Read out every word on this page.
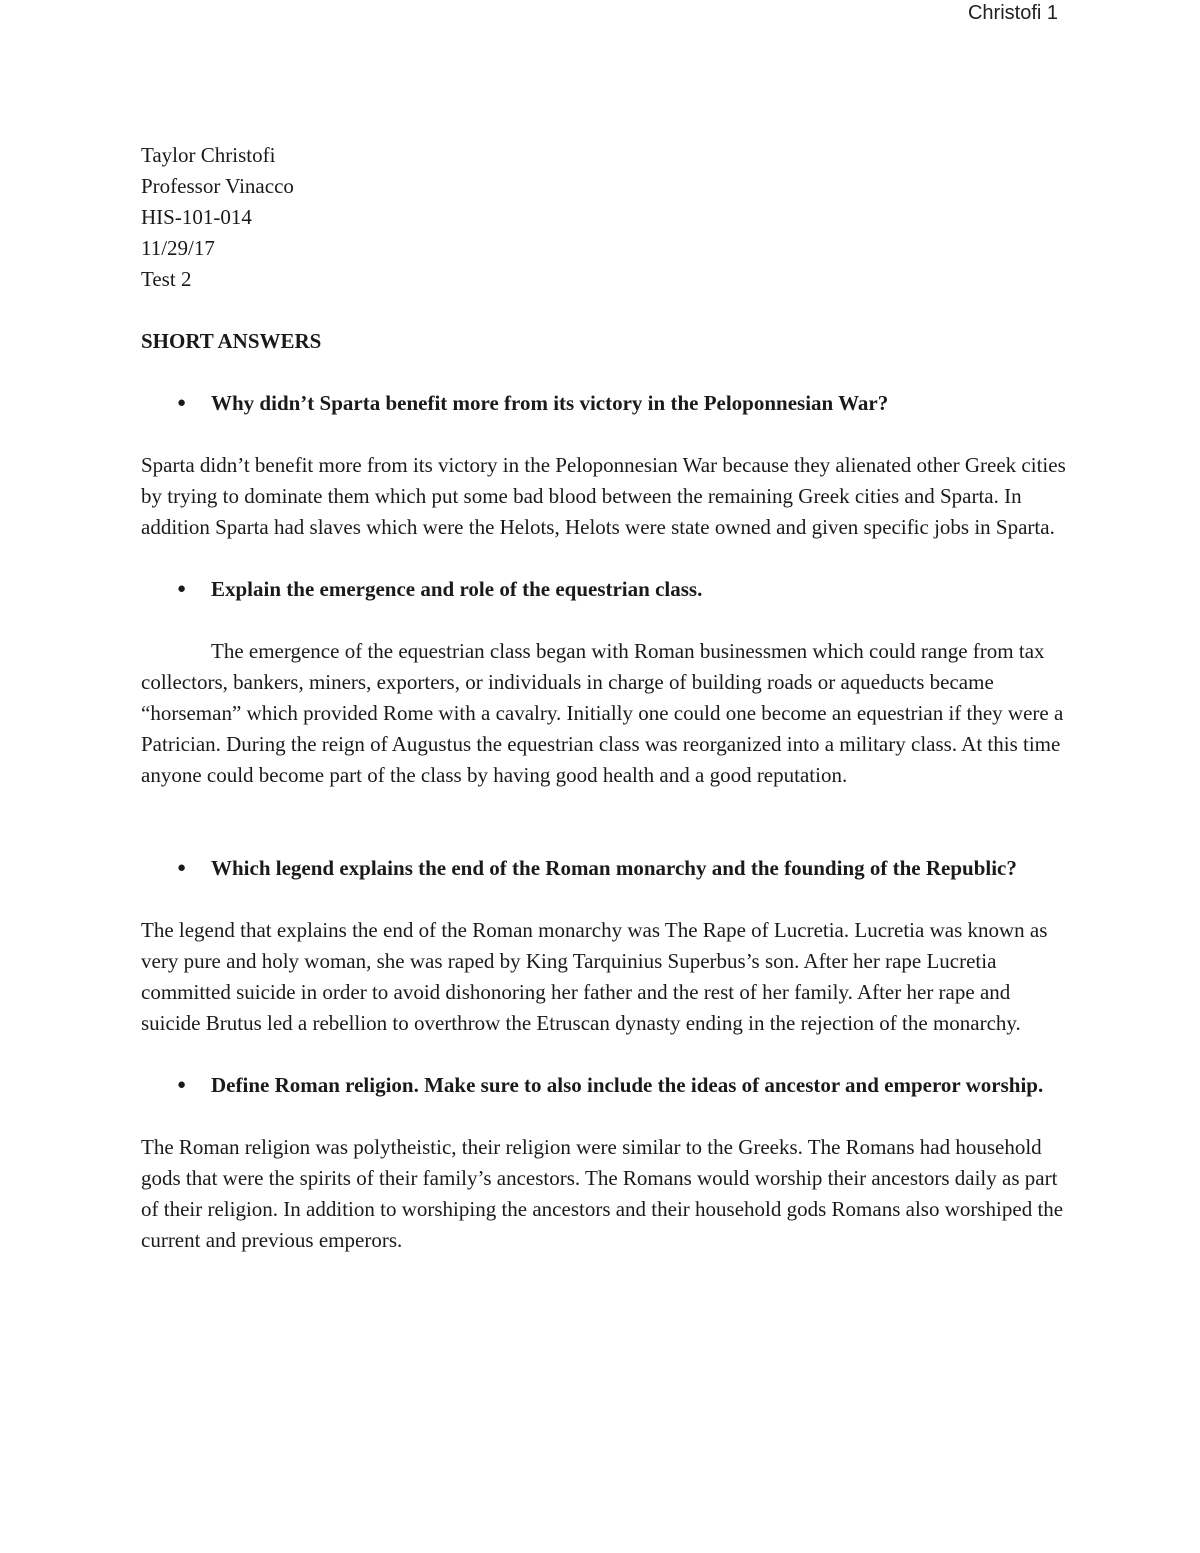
Christofi 1
Taylor Christofi
Professor Vinacco
HIS-101-014
11/29/17
Test 2
SHORT ANSWERS
● Why didn’t Sparta benefit more from its victory in the Peloponnesian War?

Sparta didn’t benefit more from its victory in the Peloponnesian War because they alienated other Greek cities by trying to dominate them which put some bad blood between the remaining Greek cities and Sparta. In addition Sparta had slaves which were the Helots, Helots were state owned and given specific jobs in Sparta.

● Explain the emergence and role of the equestrian class.

The emergence of the equestrian class began with Roman businessmen which could range from tax collectors, bankers, miners, exporters, or individuals in charge of building roads or aqueducts became “horseman” which provided Rome with a cavalry. Initially one could one become an equestrian if they were a Patrician. During the reign of Augustus the equestrian class was reorganized into a military class. At this time anyone could become part of the class by having good health and a good reputation.

● Which legend explains the end of the Roman monarchy and the founding of the Republic?

The legend that explains the end of the Roman monarchy was The Rape of Lucretia. Lucretia was known as very pure and holy woman, she was raped by King Tarquinius Superbus’s son. After her rape Lucretia committed suicide in order to avoid dishonoring her father and the rest of her family. After her rape and suicide Brutus led a rebellion to overthrow the Etruscan dynasty ending in the rejection of the monarchy.

● Define Roman religion. Make sure to also include the ideas of ancestor and emperor worship.

The Roman religion was polytheistic, their religion were similar to the Greeks. The Romans had household gods that were the spirits of their family’s ancestors. The Romans would worship their ancestors daily as part of their religion. In addition to worshiping the ancestors and their household gods Romans also worshiped the current and previous emperors.
